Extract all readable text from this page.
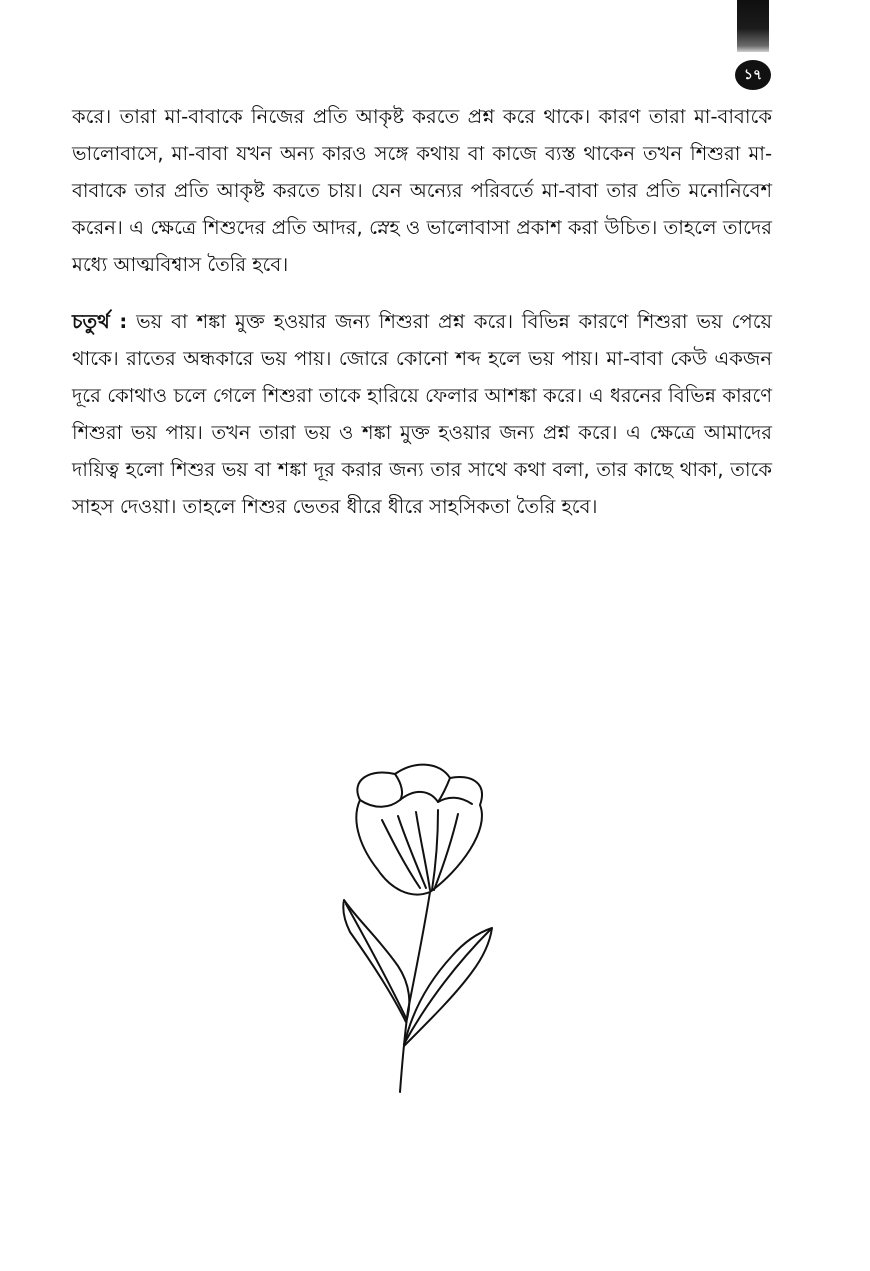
১৭

করে। তারা মা-বাবাকে নিজের প্রতি আকৃষ্ট করতে প্রশ্ন করে থাকে। কারণ তারা মা-বাবাকে ভালোবাসে, মা-বাবা যখন অন্য কারও সঙ্গে কথায় বা কাজে ব্যস্ত থাকেন তখন শিশুরা মা-বাবাকে তার প্রতি আকৃষ্ট করতে চায়। যেন অন্যের পরিবর্তে মা-বাবা তার প্রতি মনোনিবেশ করেন। এ ক্ষেত্রে শিশুদের প্রতি আদর, স্নেহ ও ভালোবাসা প্রকাশ করা উচিত। তাহলে তাদের মধ্যে আত্মবিশ্বাস তৈরি হবে।

চতুর্থ : ভয় বা শঙ্কা মুক্ত হওয়ার জন্য শিশুরা প্রশ্ন করে। বিভিন্ন কারণে শিশুরা ভয় পেয়ে থাকে। রাতের অন্ধকারে ভয় পায়। জোরে কোনো শব্দ হলে ভয় পায়। মা-বাবা কেউ একজন দূরে কোথাও চলে গেলে শিশুরা তাকে হারিয়ে ফেলার আশঙ্কা করে। এ ধরনের বিভিন্ন কারণে শিশুরা ভয় পায়। তখন তারা ভয় ও শঙ্কা মুক্ত হওয়ার জন্য প্রশ্ন করে। এ ক্ষেত্রে আমাদের দায়িত্ব হলো শিশুর ভয় বা শঙ্কা দূর করার জন্য তার সাথে কথা বলা, তার কাছে থাকা, তাকে সাহস দেওয়া। তাহলে শিশুর ভেতর ধীরে ধীরে সাহসিকতা তৈরি হবে।
